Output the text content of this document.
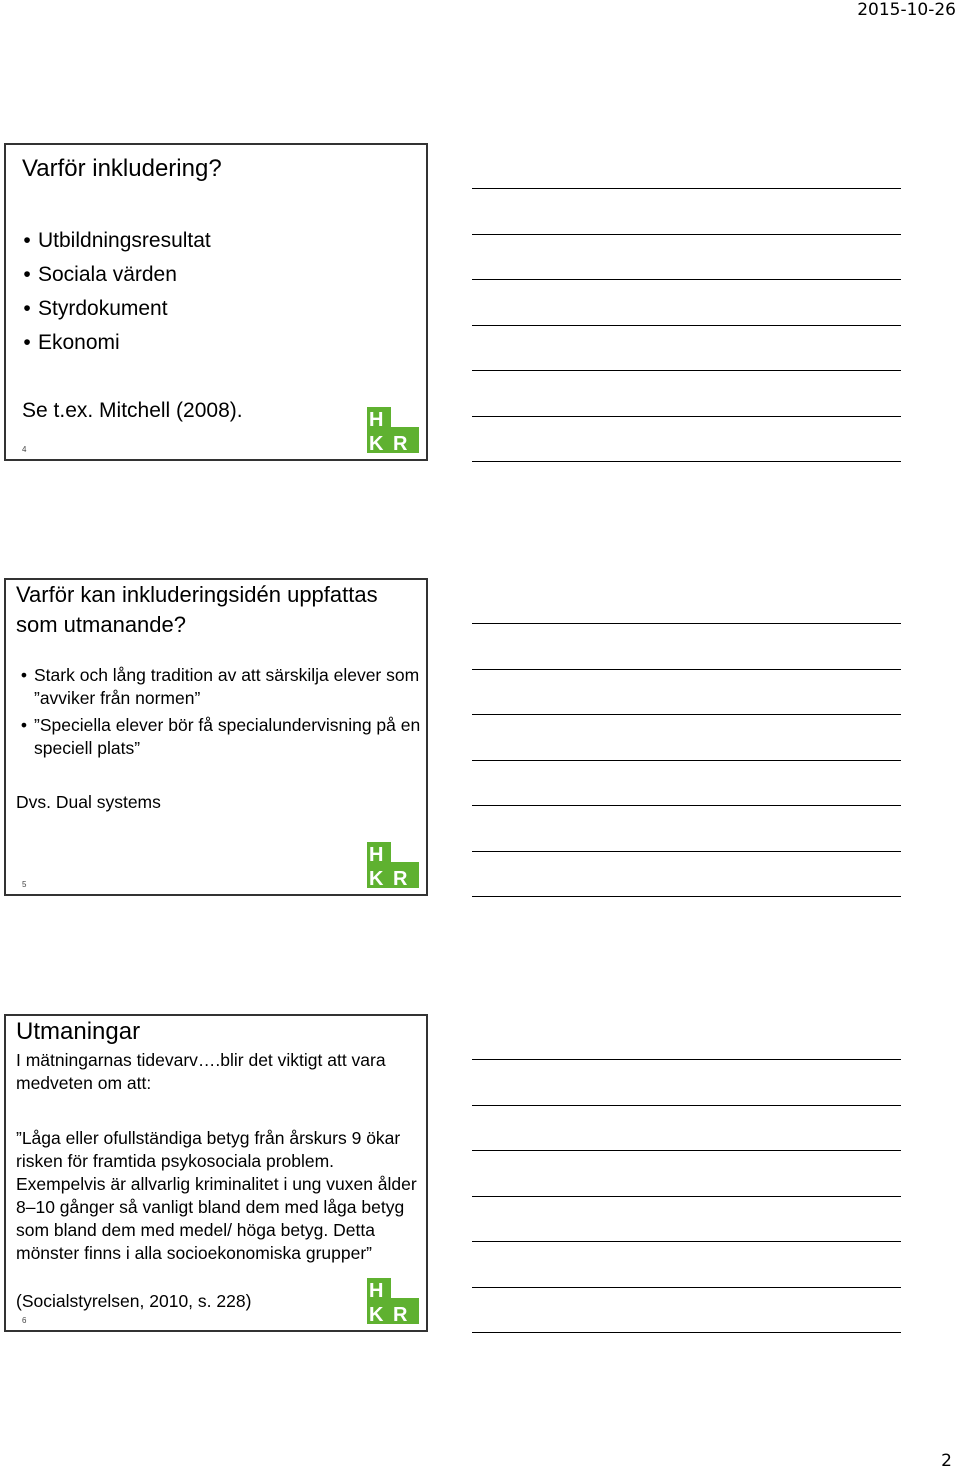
2015-10-26
Varför inkludering?
• Utbildningsresultat
• Sociala värden
• Styrdokument
• Ekonomi
Se t.ex. Mitchell (2008).
4
H
K R
Varför kan inkluderingsidén uppfattas som utmanande?
• Stark och lång tradition av att särskilja elever som ”avviker från normen”
• ”Speciella elever bör få specialundervisning på en speciell plats”
Dvs. Dual systems
5
H
K R
Utmaningar
I mätningarnas tidevarv….blir det viktigt att vara medveten om att:
”Låga eller ofullständiga betyg från årskurs 9 ökar risken för framtida psykosociala problem. Exempelvis är allvarlig kriminalitet i ung vuxen ålder 8–10 gånger så vanligt bland dem med låga betyg som bland dem med medel/ höga betyg. Detta mönster finns i alla socioekonomiska grupper”
(Socialstyrelsen, 2010, s. 228)
6
H
K R
2
